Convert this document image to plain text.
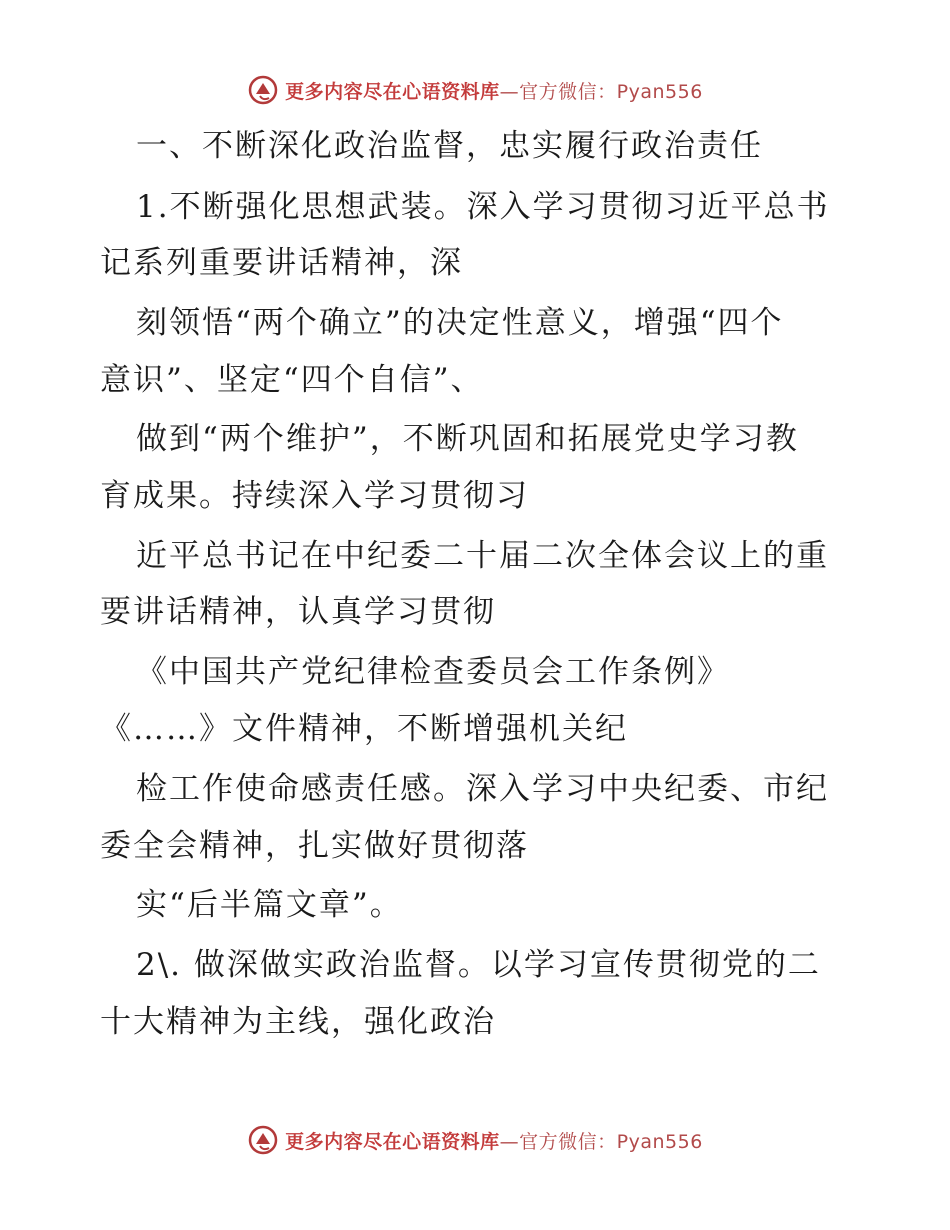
更多内容尽在心语资料库—官方微信：Pyan556
一、不断深化政治监督，忠实履行政治责任
1.不断强化思想武装。深入学习贯彻习近平总书
记系列重要讲话精神，深
刻领悟“两个确立”的决定性意义，增强“四个
意识”、坚定“四个自信”、
做到“两个维护”，不断巩固和拓展党史学习教
育成果。持续深入学习贯彻习
近平总书记在中纪委二十届二次全体会议上的重
要讲话精神，认真学习贯彻
《中国共产党纪律检查委员会工作条例》
《……》文件精神，不断增强机关纪
检工作使命感责任感。深入学习中央纪委、市纪
委全会精神，扎实做好贯彻落
实“后半篇文章”。
2\. 做深做实政治监督。以学习宣传贯彻党的二
十大精神为主线，强化政治
更多内容尽在心语资料库—官方微信：Pyan556
